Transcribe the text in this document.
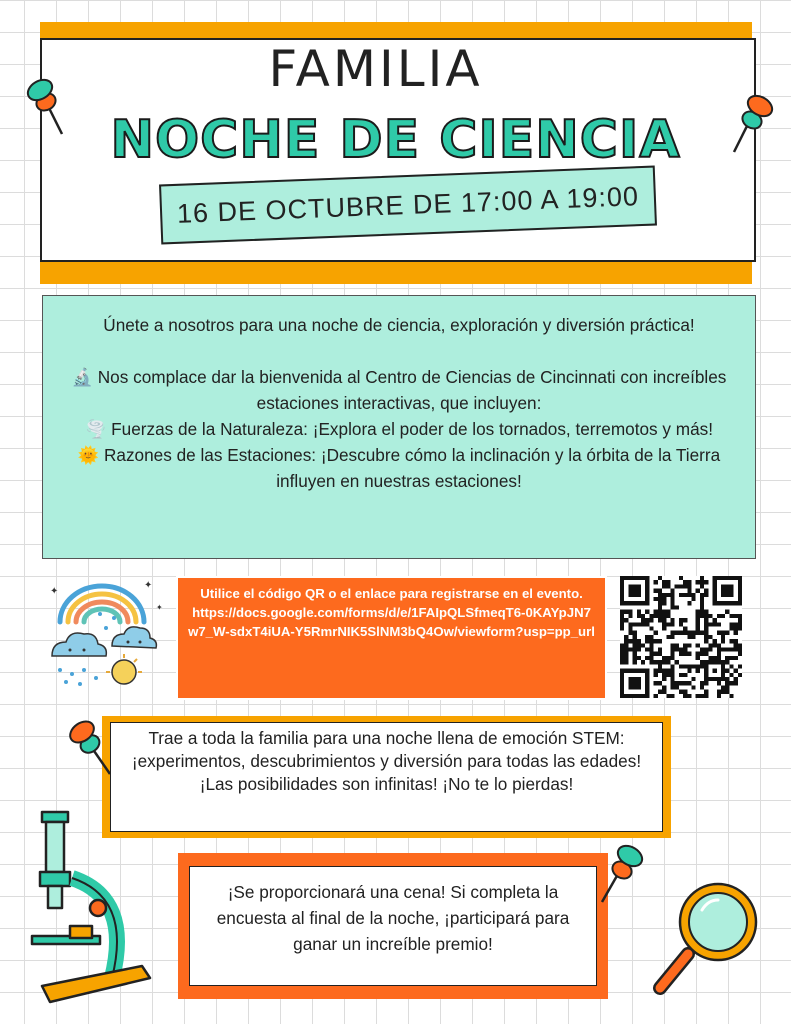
FAMILIA
NOCHE DE CIENCIA
16 DE OCTUBRE DE 17:00 A 19:00

Únete a nosotros para una noche de ciencia, exploración y diversión práctica!

🔬 Nos complace dar la bienvenida al Centro de Ciencias de Cincinnati con increíbles estaciones interactivas, que incluyen:

🌪️ Fuerzas de la Naturaleza: ¡Explora el poder de los tornados, terremotos y más!

🌞 Razones de las Estaciones: ¡Descubre cómo la inclinación y la órbita de la Tierra influyen en nuestras estaciones!

✦
✦
✦

Utilice el código QR o el enlace para registrarse en el evento.

https://docs.google.com/forms/d/e/1FAIpQLSfmeqT6-0KAYpJN7w7_W-sdxT4iUA-Y5RmrNIK5SlNM3bQ4Ow/viewform?usp=pp_url

Trae a toda la familia para una noche llena de emoción STEM: ¡experimentos, descubrimientos y diversión para todas las edades!

¡Las posibilidades son infinitas! ¡No te lo pierdas!

¡Se proporcionará una cena! Si completa la encuesta al final de la noche, ¡participará para ganar un increíble premio!
